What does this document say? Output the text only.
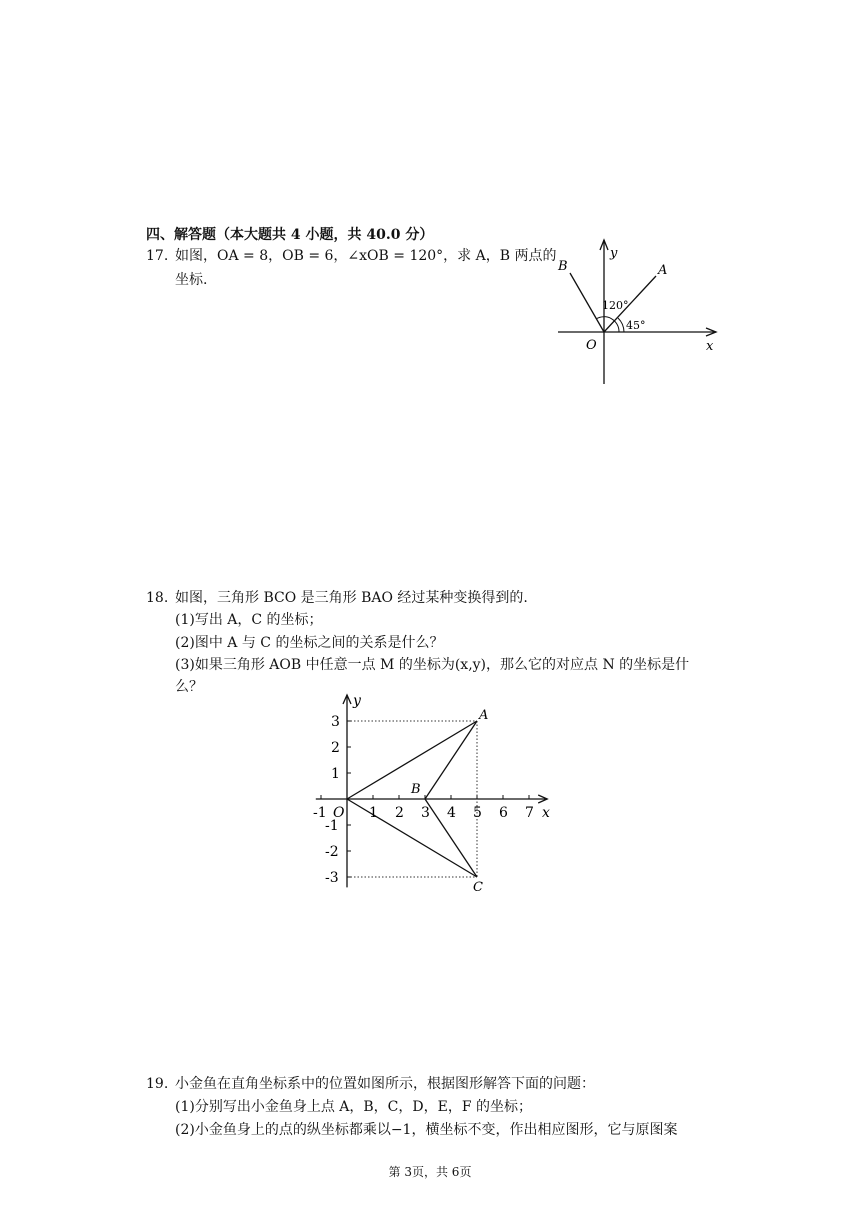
四、解答题（本大题共 4 小题，共 40.0 分）
17. 如图，OA = 8，OB = 6，∠xOB = 120°，求 A，B 两点的
坐标.
B	A
O	x
y
120°
45°
18. 如图，三角形 BCO 是三角形 BAO 经过某种变换得到的.
(1)写出 A，C 的坐标；
(2)图中 A 与 C 的坐标之间的关系是什么？
(3)如果三角形 AOB 中任意一点 M 的坐标为(x,y)，那么它的对应点 N 的坐标是什
么？
-1	1 2 3 4 5 6 7
3
2
1
-1
-2
-3
O	x
y
A
B
C
19. 小金鱼在直角坐标系中的位置如图所示，根据图形解答下面的问题：
(1)分别写出小金鱼身上点 A，B，C，D，E，F 的坐标；
(2)小金鱼身上的点的纵坐标都乘以−1，横坐标不变，作出相应图形，它与原图案
第 3页，共 6页
